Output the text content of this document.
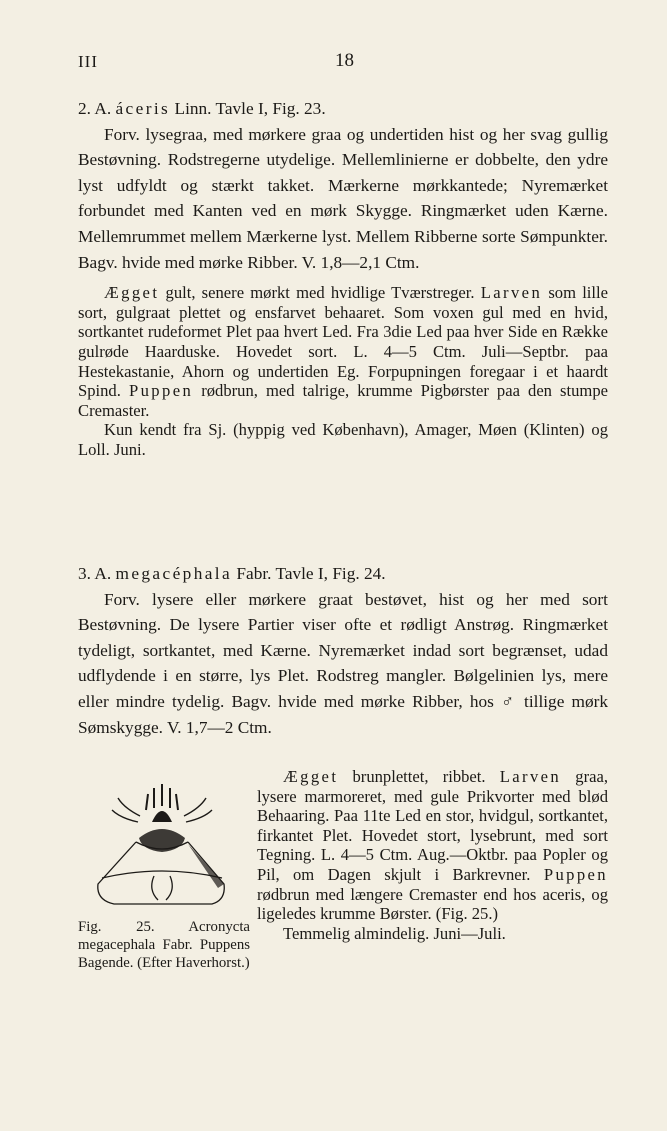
III	18

2. A. áceris Linn. Tavle I, Fig. 23.

Forv. lysegraa, med mørkere graa og undertiden hist og her svag gullig Bestøvning. Rodstregerne utydelige. Mellemlinierne er dobbelte, den ydre lyst udfyldt og stærkt takket. Mærkerne mørkkantede; Nyremærket forbundet med Kanten ved en mørk Skygge. Ringmærket uden Kærne. Mellemrummet mellem Mærkerne lyst. Mellem Ribberne sorte Sømpunkter. Bagv. hvide med mørke Ribber. V. 1,8—2,1 Ctm.

Ægget gult, senere mørkt med hvidlige Tværstreger. Larven som lille sort, gulgraat plettet og ensfarvet behaaret. Som voxen gul med en hvid, sortkantet rudeformet Plet paa hvert Led. Fra 3die Led paa hver Side en Række gulrøde Haarduske. Hovedet sort. L. 4—5 Ctm. Juli—Septbr. paa Hestekastanie, Ahorn og undertiden Eg. Forpupningen foregaar i et haardt Spind. Puppen rødbrun, med talrige, krumme Pigbørster paa den stumpe Cremaster.

Kun kendt fra Sj. (hyppig ved København), Amager, Møen (Klinten) og Loll. Juni.

3. A. megacéphala Fabr. Tavle I, Fig. 24.

Forv. lysere eller mørkere graat bestøvet, hist og her med sort Bestøvning. De lysere Partier viser ofte et rødligt Anstrøg. Ringmærket tydeligt, sortkantet, med Kærne. Nyremærket indad sort begrænset, udad udflydende i en større, lys Plet. Rodstreg mangler. Bølgelinien lys, mere eller mindre tydelig. Bagv. hvide med mørke Ribber, hos ♂ tillige mørk Sømskygge. V. 1,7—2 Ctm.

Fig. 25. Acronycta megacephala Fabr. Puppens Bagende. (Efter Haverhorst.)

Ægget brunplettet, ribbet. Larven graa, lysere marmoreret, med gule Prikvorter med blød Behaaring. Paa 11te Led en stor, hvidgul, sortkantet, firkantet Plet. Hovedet stort, lysebrunt, med sort Tegning. L. 4—5 Ctm. Aug.—Oktbr. paa Popler og Pil, om Dagen skjult i Barkrevner. Puppen rødbrun med længere Cremaster end hos aceris, og ligeledes krumme Børster. (Fig. 25.)

Temmelig almindelig. Juni—Juli.
